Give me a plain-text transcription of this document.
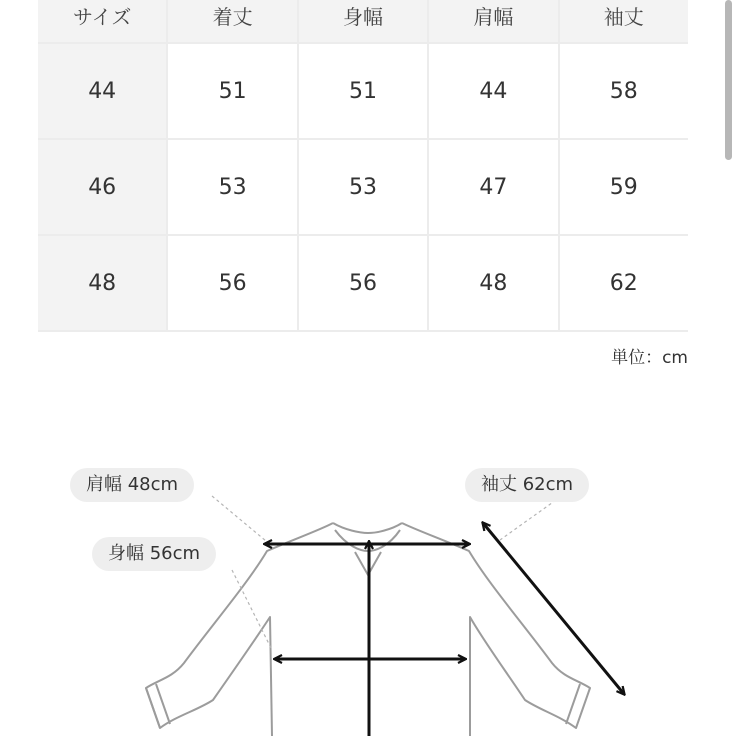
サイズ	着丈	身幅	肩幅	袖丈
44	51	51	44	58
46	53	53	47	59
48	56	56	48	62
単位：cm
肩幅 48cm	袖丈 62cm
身幅 56cm
